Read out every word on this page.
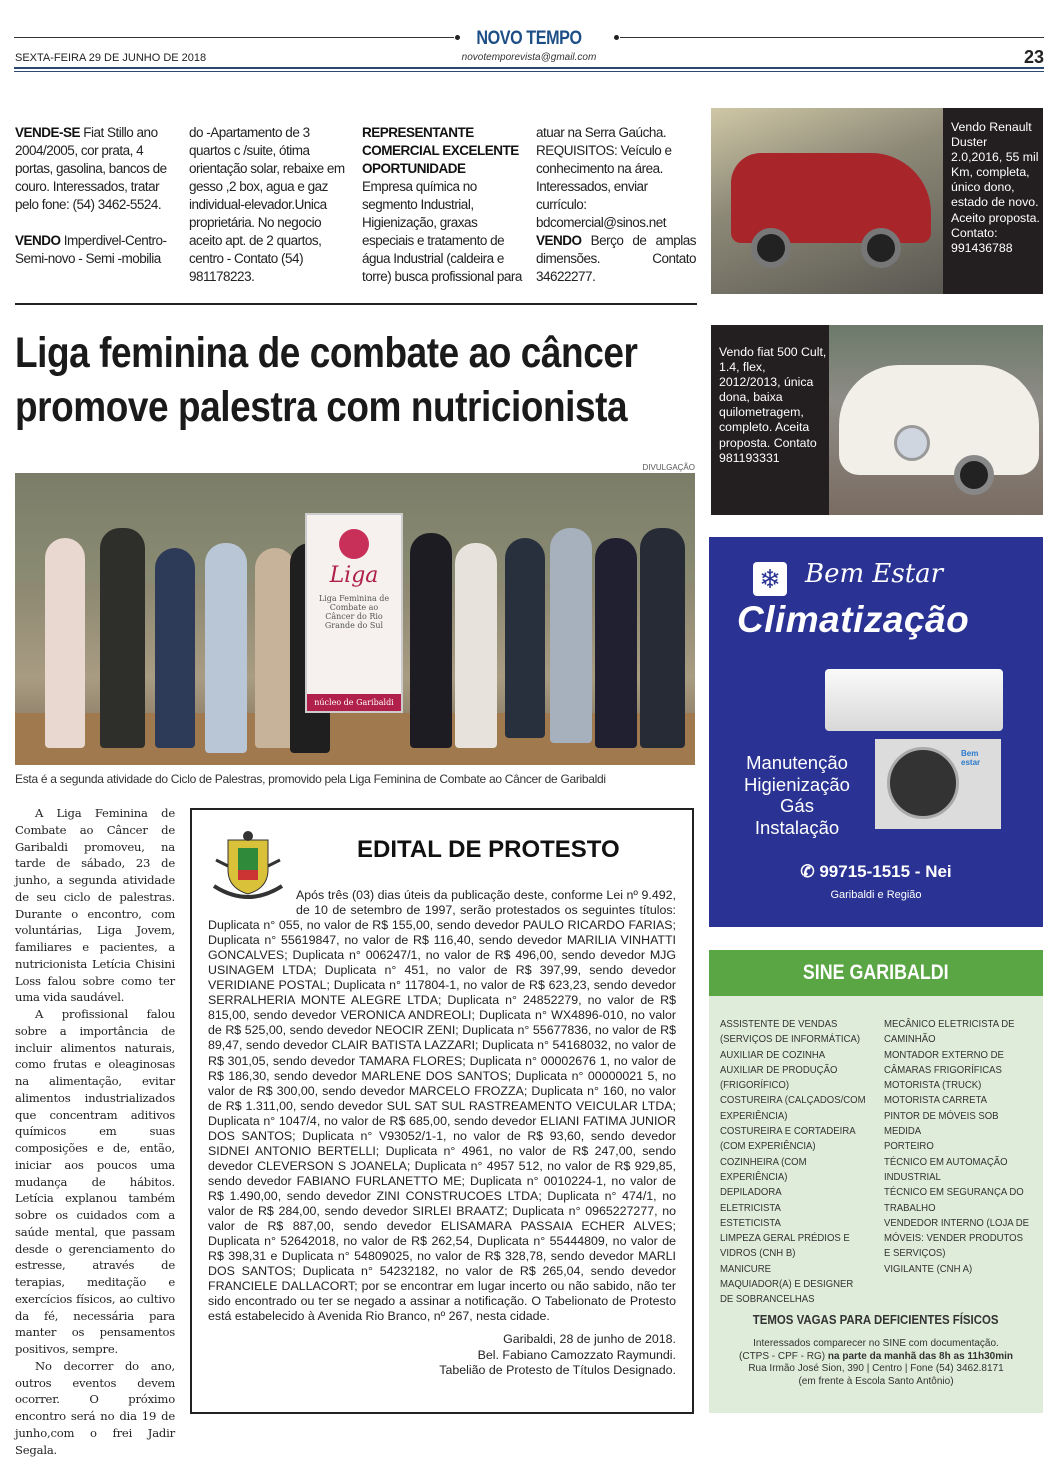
NOVO TEMPO
SEXTA-FEIRA 29 DE JUNHO DE 2018	novotemporevista@gmail.com	23

VENDE-SE Fiat Stillo ano 2004/2005, cor prata, 4 portas, gasolina, bancos de couro. Interessados, tratar pelo fone: (54) 3462-5524.

VENDO Imperdivel-Centro-Semi-novo - Semi -mobilia

do -Apartamento de 3 quartos c /suite, ótima orientação solar, rebaixe em gesso ,2 box, agua e gaz individual-elevador.Unica proprietária. No negocio aceito apt. de 2 quartos, centro - Contato (54) 981178223.
REPRESENTANTE COMERCIAL EXCELENTE OPORTUNIDADE
Empresa química no segmento Industrial, Higienização, graxas especiais e tratamento de água Industrial (caldeira e torre) busca profissional para
atuar na Serra Gaúcha. REQUISITOS: Veículo e conhecimento na área. Interessados, enviar currículo: bdcomercial@sinos.net

VENDO Berço de amplas dimensões. Contato 34622277.

Liga feminina de combate ao câncer
promove palestra com nutricionista
DIVULGAÇÃO
Liga
Liga Feminina de Combate ao Câncer do Rio Grande do Sul
núcleo de Garibaldi
Esta é a segunda atividade do Ciclo de Palestras, promovido pela Liga Feminina de Combate ao Câncer de Garibaldi

A Liga Feminina de Combate ao Câncer de Garibaldi promoveu, na tarde de sábado, 23 de junho, a segunda atividade de seu ciclo de palestras. Durante o encontro, com voluntárias, Liga Jovem, familiares e pacientes, a nutricionista Letícia Chisini Loss falou sobre como ter uma vida saudável.

A profissional falou sobre a importância de incluir alimentos naturais, como frutas e oleaginosas na alimentação, evitar alimentos industrializados que concentram aditivos químicos em suas composições e de, então, iniciar aos poucos uma mudança de hábitos. Letícia explanou também sobre os cuidados com a saúde mental, que passam desde o gerenciamento do estresse, através de terapias, meditação e exercícios físicos, ao cultivo da fé, necessária para manter os pensamentos positivos, sempre.

No decorrer do ano, outros eventos devem ocorrer. O próximo encontro será no dia 19 de junho,com o frei Jadir Segala.

Após três (03) dias úteis da publicação deste, conforme Lei nº 9.492, de 10 de setembro de 1997, serão protestados os seguintes títulos: Duplicata n° 055, no valor de R$ 155,00, sendo devedor PAULO RICARDO FARIAS; Duplicata n° 55619847, no valor de R$ 116,40, sendo devedor MARILIA VINHATTI GONCALVES; Duplicata n° 006247/1, no valor de R$ 496,00, sendo devedor MJG USINAGEM LTDA; Duplicata n° 451, no valor de R$ 397,99, sendo devedor VERIDIANE POSTAL; Duplicata n° 117804-1, no valor de R$ 623,23, sendo devedor SERRALHERIA MONTE ALEGRE LTDA; Duplicata n° 24852279, no valor de R$ 815,00, sendo devedor VERONICA ANDREOLI; Duplicata n° WX4896-010, no valor de R$ 525,00, sendo devedor NEOCIR ZENI; Duplicata n° 55677836, no valor de R$ 89,47, sendo devedor CLAIR BATISTA LAZZARI; Duplicata n° 54168032, no valor de R$ 301,05, sendo devedor TAMARA FLORES; Duplicata n° 00002676 1, no valor de R$ 186,30, sendo devedor MARLENE DOS SANTOS; Duplicata n° 00000021 5, no valor de R$ 300,00, sendo devedor MARCELO FROZZA; Duplicata n° 160, no valor de R$ 1.311,00, sendo devedor SUL SAT SUL RASTREAMENTO VEICULAR LTDA; Duplicata n° 1047/4, no valor de R$ 685,00, sendo devedor ELIANI FATIMA JUNIOR DOS SANTOS; Duplicata n° V93052/1-1, no valor de R$ 93,60, sendo devedor SIDNEI ANTONIO BERTELLI; Duplicata n° 4961, no valor de R$ 247,00, sendo devedor CLEVERSON S JOANELA; Duplicata n° 4957 512, no valor de R$ 929,85, sendo devedor FABIANO FURLANETTO ME; Duplicata n° 0010224-1, no valor de R$ 1.490,00, sendo devedor ZINI CONSTRUCOES LTDA; Duplicata n° 474/1, no valor de R$ 284,00, sendo devedor SIRLEI BRAATZ; Duplicata n° 0965227277, no valor de R$ 887,00, sendo devedor ELISAMARA PASSAIA ECHER ALVES; Duplicata n° 52642018, no valor de R$ 262,54, Duplicata n° 55444809, no valor de R$ 398,31 e Duplicata n° 54809025, no valor de R$ 328,78, sendo devedor MARLI DOS SANTOS; Duplicata n° 54232182, no valor de R$ 265,04, sendo devedor FRANCIELE DALLACORT; por se encontrar em lugar incerto ou não sabido, não ter sido encontrado ou ter se negado a assinar a notificação. O Tabelionato de Protesto está estabelecido à Avenida Rio Branco, nº 267, nesta cidade.
EDITAL DE PROTESTO
Garibaldi, 28 de junho de 2018.
Bel. Fabiano Camozzato Raymundi.
Tabelião de Protesto de Títulos Designado.
Vendo Renault Duster 2.0,2016, 55 mil Km, completa, único dono, estado de novo. Aceito proposta. Contato: 991436788
Vendo fiat 500 Cult, 1.4, flex, 2012/2013, única dona, baixa quilometragem, completo. Aceita proposta. Contato 981193331
❄ Bem Estar
Climatização
Bem estar
Manutenção
Higienização
Gás
Instalação
✆ 99715-1515 - Nei
Garibaldi e Região
SINE GARIBALDI
ASSISTENTE DE VENDAS (SERVIÇOS DE INFORMÁTICA)
AUXILIAR DE COZINHA
AUXILIAR DE PRODUÇÃO (FRIGORÍFICO)
COSTUREIRA (CALÇADOS/COM EXPERIÊNCIA)
COSTUREIRA E CORTADEIRA (COM EXPERIÊNCIA)
COZINHEIRA (COM EXPERIÊNCIA)
DEPILADORA
ELETRICISTA
ESTETICISTA
LIMPEZA GERAL PRÉDIOS E VIDROS (CNH B)
MANICURE
MAQUIADOR(A) E DESIGNER DE SOBRANCELHAS
MECÂNICO ELETRICISTA DE CAMINHÃO
MONTADOR EXTERNO DE CÂMARAS FRIGORÍFICAS
MOTORISTA (TRUCK)
MOTORISTA CARRETA
PINTOR DE MÓVEIS SOB MEDIDA
PORTEIRO
TÉCNICO EM AUTOMAÇÃO INDUSTRIAL
TÉCNICO EM SEGURANÇA DO TRABALHO
VENDEDOR INTERNO (LOJA DE MÓVEIS: VENDER PRODUTOS E SERVIÇOS)
VIGILANTE (CNH A)
TEMOS VAGAS PARA DEFICIENTES FÍSICOS
Interessados comparecer no SINE com documentação.
(CTPS - CPF - RG) na parte da manhã das 8h as 11h30min
Rua Irmão José Sion, 390 | Centro | Fone (54) 3462.8171
(em frente à Escola Santo Antônio)
